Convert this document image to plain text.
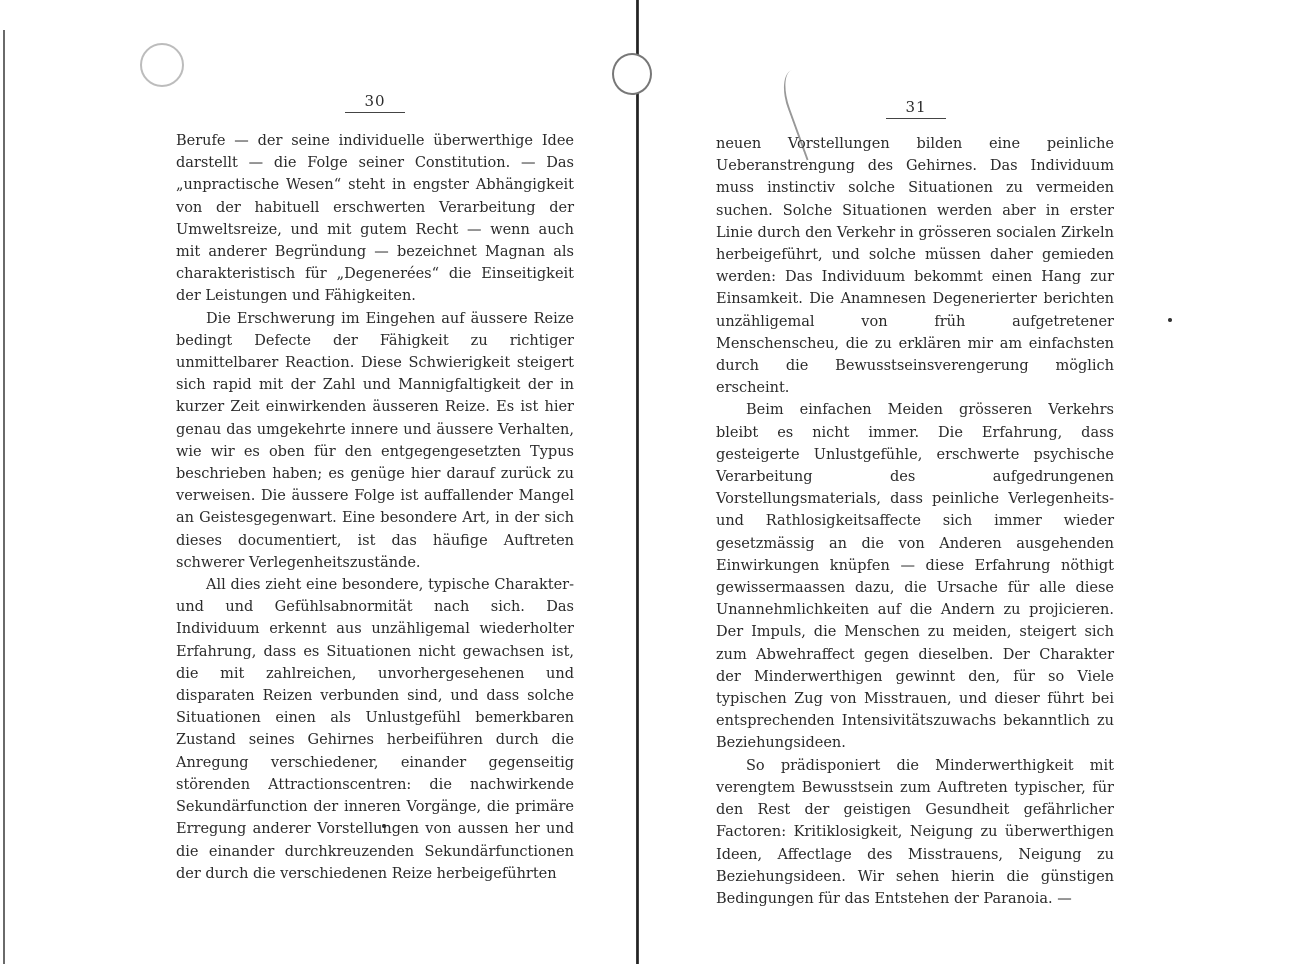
30	31

Berufe — der seine individuelle überwerthige Idee darstellt — die Folge seiner Constitution. — Das „unpractische Wesen“ steht in engster Abhängigkeit von der habituell erschwerten Verarbeitung der Umweltsreize, und mit gutem Recht — wenn auch mit anderer Begründung — bezeichnet Magnan als charakteristisch für „Degenerées“ die Einseitigkeit der Leistungen und Fähigkeiten.

Die Erschwerung im Eingehen auf äussere Reize bedingt Defecte der Fähigkeit zu richtiger unmittelbarer Reaction. Diese Schwierigkeit steigert sich rapid mit der Zahl und Mannigfaltigkeit der in kurzer Zeit einwirkenden äusseren Reize. Es ist hier genau das umgekehrte innere und äussere Verhalten, wie wir es oben für den entgegengesetzten Typus beschrieben haben; es genüge hier darauf zurück zu verweisen. Die äussere Folge ist auffallender Mangel an Geistesgegenwart. Eine besondere Art, in der sich dieses documentiert, ist das häufige Auftreten schwerer Verlegenheitszustände.

All dies zieht eine besondere, typische Charakter- und und Gefühlsabnormität nach sich. Das Individuum erkennt aus unzähligemal wiederholter Erfahrung, dass es Situationen nicht gewachsen ist, die mit zahlreichen, unvorhergesehenen und disparaten Reizen verbunden sind, und dass solche Situationen einen als Unlustgefühl bemerkbaren Zustand seines Gehirnes herbeiführen durch die Anregung verschiedener, einander gegenseitig störenden Attractionscentren: die nachwirkende Sekundärfunction der inneren Vorgänge, die primäre Erregung anderer Vorstellungen von aussen her und die einander durchkreuzenden Sekundärfunctionen der durch die verschiedenen Reize herbeigeführten

neuen Vorstellungen bilden eine peinliche Ueberanstrengung des Gehirnes. Das Individuum muss instinctiv solche Situationen zu vermeiden suchen. Solche Situationen werden aber in erster Linie durch den Verkehr in grösseren socialen Zirkeln herbeigeführt, und solche müssen daher gemieden werden: Das Individuum bekommt einen Hang zur Einsamkeit. Die Anamnesen Degenerierter berichten unzähligemal von früh aufgetretener Menschenscheu, die zu erklären mir am einfachsten durch die Bewusstseinsverengerung möglich erscheint.

Beim einfachen Meiden grösseren Verkehrs bleibt es nicht immer. Die Erfahrung, dass gesteigerte Unlustgefühle, erschwerte psychische Verarbeitung des aufgedrungenen Vorstellungsmaterials, dass peinliche Verlegenheits- und Rathlosigkeitsaffecte sich immer wieder gesetzmässig an die von Anderen ausgehenden Einwirkungen knüpfen — diese Erfahrung nöthigt gewissermaassen dazu, die Ursache für alle diese Unannehmlichkeiten auf die Andern zu projicieren. Der Impuls, die Menschen zu meiden, steigert sich zum Abwehraffect gegen dieselben. Der Charakter der Minderwerthigen gewinnt den, für so Viele typischen Zug von Misstrauen, und dieser führt bei entsprechenden Intensivitätszuwachs bekanntlich zu Beziehungsideen.

So prädisponiert die Minderwerthigkeit mit verengtem Bewusstsein zum Auftreten typischer, für den Rest der geistigen Gesundheit gefährlicher Factoren: Kritiklosigkeit, Neigung zu überwerthigen Ideen, Affectlage des Misstrauens, Neigung zu Beziehungsideen. Wir sehen hierin die günstigen Bedingungen für das Entstehen der Paranoia. —
